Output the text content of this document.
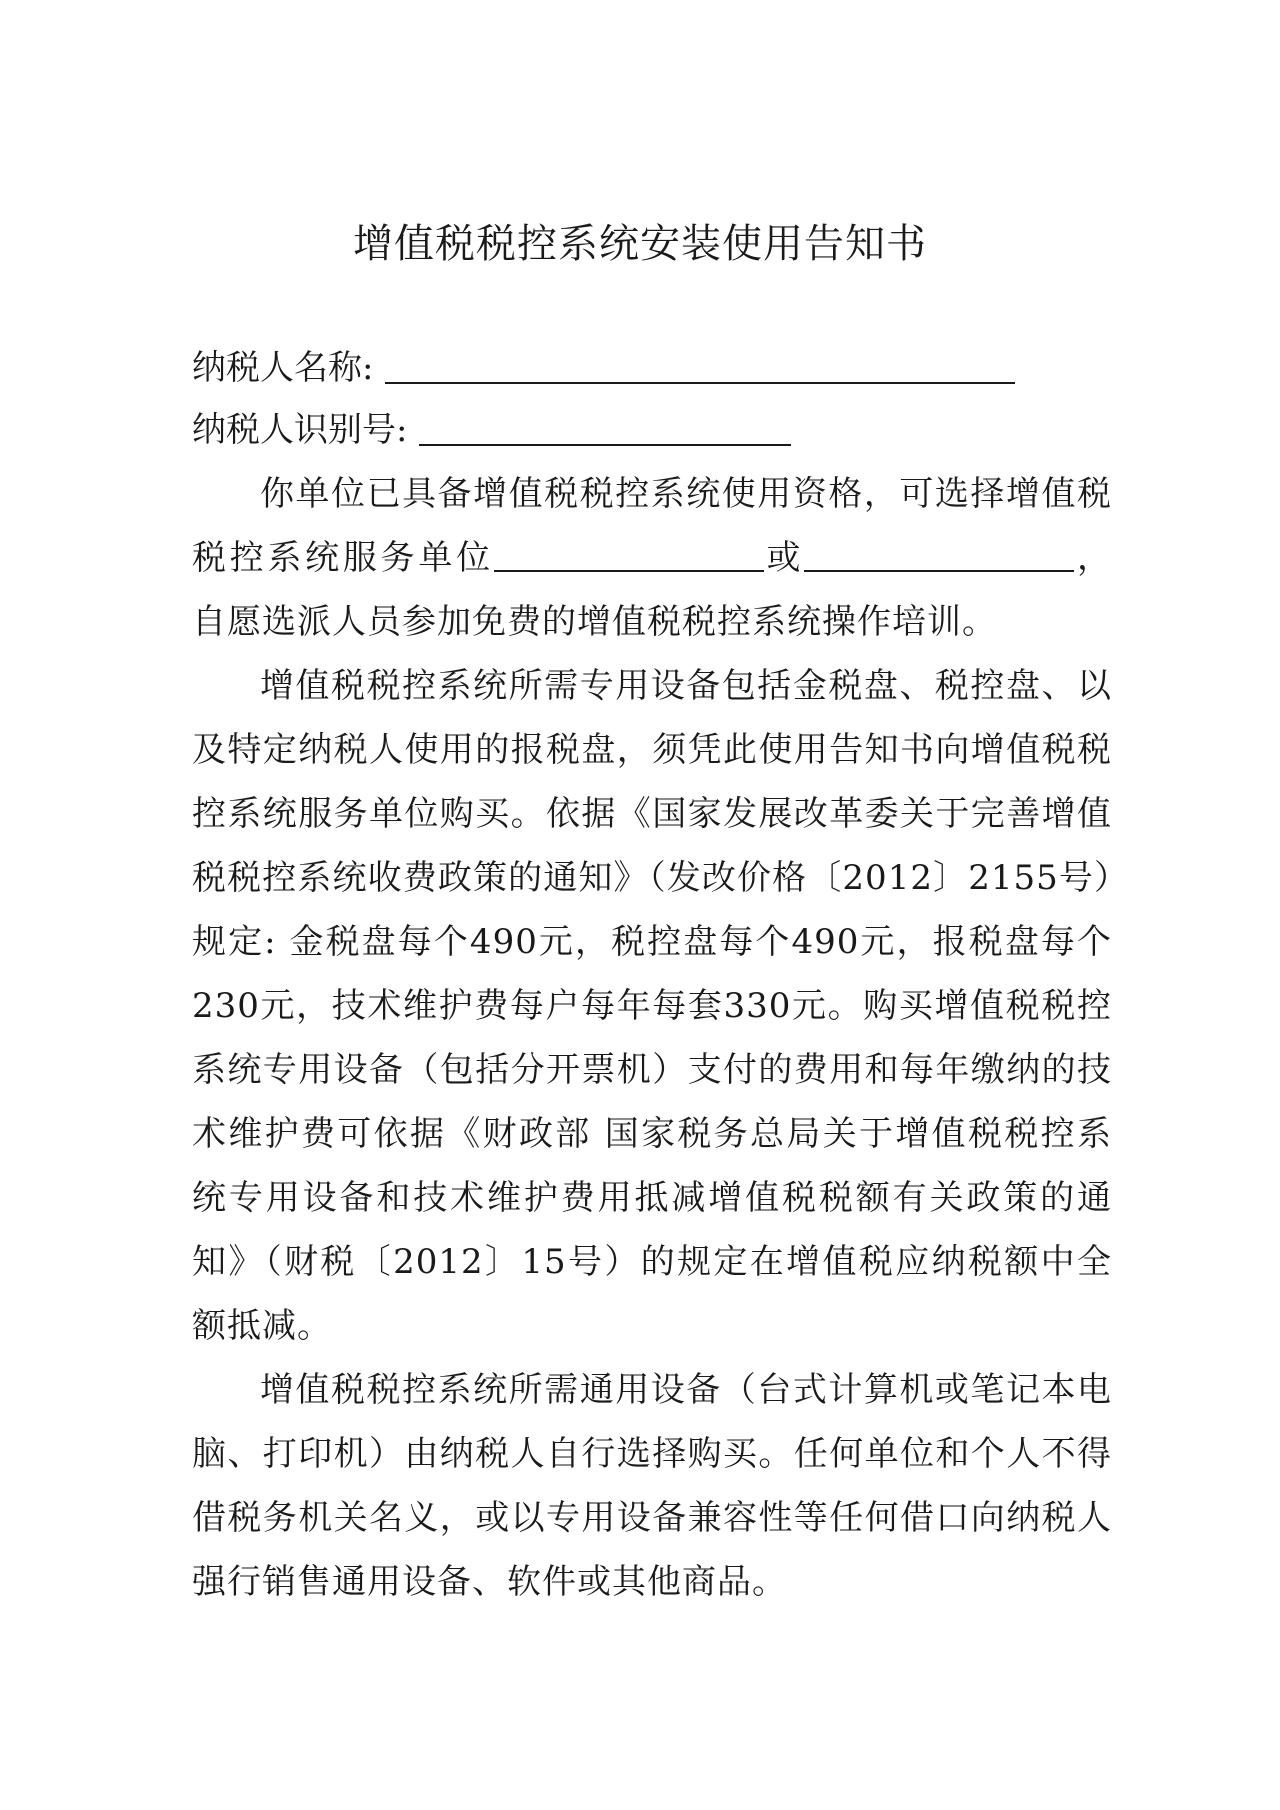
增值税税控系统安装使用告知书
纳税人名称:
纳税人识别号:

你单位已具备增值税税控系统使用资格，可选择增值税税控系统服务单位	或	，自愿选派人员参加免费的增值税税控系统操作培训。

增值税税控系统所需专用设备包括金税盘、税控盘、以及特定纳税人使用的报税盘，须凭此使用告知书向增值税税控系统服务单位购买。依据《国家发展改革委关于完善增值税税控系统收费政策的通知》（发改价格〔2012〕2155号）规定: 金税盘每个490元，税控盘每个490元，报税盘每个230元，技术维护费每户每年每套330元。购买增值税税控系统专用设备（包括分开票机）支付的费用和每年缴纳的技术维护费可依据《财政部 国家税务总局关于增值税税控系统专用设备和技术维护费用抵减增值税税额有关政策的通知》（财税〔2012〕15号）的规定在增值税应纳税额中全额抵减。

增值税税控系统所需通用设备（台式计算机或笔记本电脑、打印机）由纳税人自行选择购买。任何单位和个人不得借税务机关名义，或以专用设备兼容性等任何借口向纳税人强行销售通用设备、软件或其他商品。
